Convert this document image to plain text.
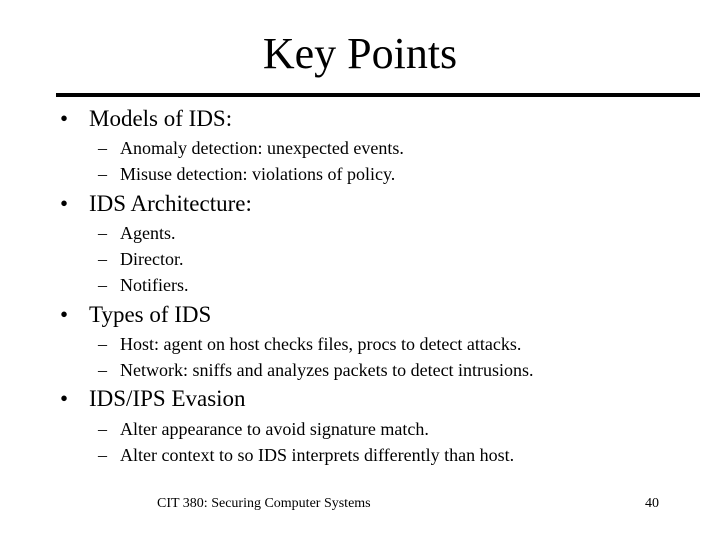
Key Points
• Models of IDS:
– Anomaly detection: unexpected events.
– Misuse detection: violations of policy.
• IDS Architecture:
– Agents.
– Director.
– Notifiers.
• Types of IDS
– Host: agent on host checks files, procs to detect attacks.
– Network: sniffs and analyzes packets to detect intrusions.
• IDS/IPS Evasion
– Alter appearance to avoid signature match.
– Alter context to so IDS interprets differently than host.
CIT 380: Securing Computer Systems	40
